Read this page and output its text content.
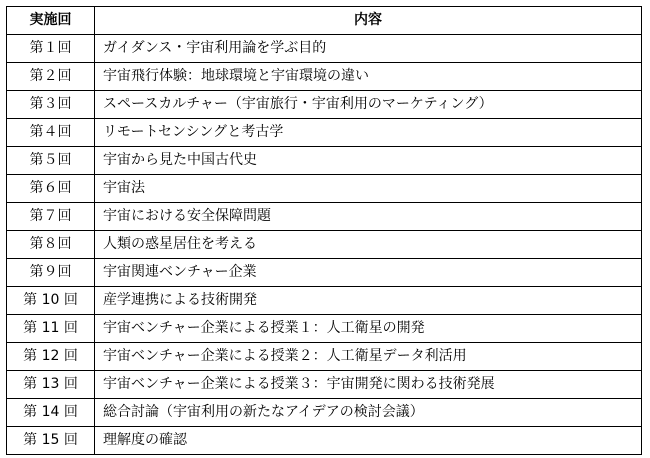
実施回	内容
第１回	ガイダンス・宇宙利用論を学ぶ目的
第２回	宇宙飛行体験：地球環境と宇宙環境の違い
第３回	スペースカルチャー（宇宙旅行・宇宙利用のマーケティング）
第４回	リモートセンシングと考古学
第５回	宇宙から見た中国古代史
第６回	宇宙法
第７回	宇宙における安全保障問題
第８回	人類の惑星居住を考える
第９回	宇宙関連ベンチャー企業
第 10 回	産学連携による技術開発
第 11 回	宇宙ベンチャー企業による授業１：人工衛星の開発
第 12 回	宇宙ベンチャー企業による授業２：人工衛星データ利活用
第 13 回	宇宙ベンチャー企業による授業３：宇宙開発に関わる技術発展
第 14 回	総合討論（宇宙利用の新たなアイデアの検討会議）
第 15 回	理解度の確認
